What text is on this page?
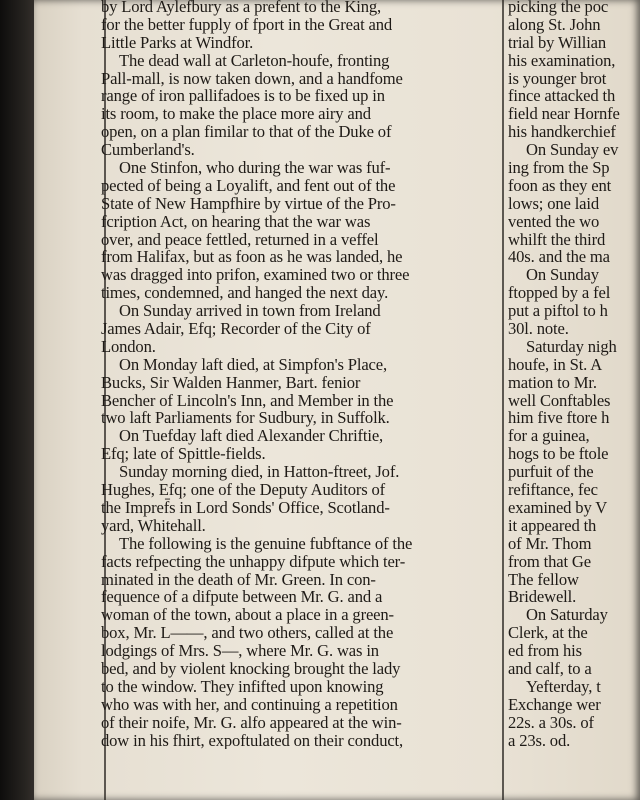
by Lord Aylefbury as a prefent to the King,
for the better fupply of fport in the Great and
Little Parks at Windfor.
The dead wall at Carleton-houfe, fronting
Pall-mall, is now taken down, and a handfome
range of iron pallifadoes is to be fixed up in
its room, to make the place more airy and
open, on a plan fimilar to that of the Duke of
Cumberland's.
One Stinfon, who during the war was fuf-
pected of being a Loyalift, and fent out of the
State of New Hampfhire by virtue of the Pro-
fcription Act, on hearing that the war was
over, and peace fettled, returned in a veffel
from Halifax, but as foon as he was landed, he
was dragged into prifon, examined two or three
times, condemned, and hanged the next day.
On Sunday arrived in town from Ireland
James Adair, Efq; Recorder of the City of
London.
On Monday laft died, at Simpfon's Place,
Bucks, Sir Walden Hanmer, Bart. fenior
Bencher of Lincoln's Inn, and Member in the
two laft Parliaments for Sudbury, in Suffolk.
On Tuefday laft died Alexander Chriftie,
Efq; late of Spittle-fields.
Sunday morning died, in Hatton-ftreet, Jof.
Hughes, Efq; one of the Deputy Auditors of
the Impref̄s in Lord Sonds' Office, Scotland-
yard, Whitehall.
The following is the genuine fubftance of the
facts refpecting the unhappy difpute which ter-
minated in the death of Mr. Green. In con-
fequence of a difpute between Mr. G. and a
woman of the town, about a place in a green-
box, Mr. L——, and two others, called at the
lodgings of Mrs. S—, where Mr. G. was in
bed, and by violent knocking brought the lady
to the window. They infifted upon knowing
who was with her, and continuing a repetition
of their noife, Mr. G. alfo appeared at the win-
dow in his fhirt, expoftulated on their conduct,
picking the poc
along St. John
trial by Willian
his examination,
is younger brot
fince attacked th
field near Hornfe
his handkerchief
On Sunday ev
ing from the Sp
foon as they ent
lows; one laid
vented the wo
whilft the third
40s. and the ma
On Sunday
ftopped by a fel
put a piftol to h
30l. note.
Saturday nigh
houfe, in St. A
mation to Mr.
well Conftables
him five ftore h
for a guinea,
hogs to be ftole
purfuit of the
refiftance, fec
examined by V
it appeared th
of Mr. Thom
from that Ge
The fellow
Bridewell.
On Saturday
Clerk, at the
ed from his
and calf, to a
Yefterday, t
Exchange wer
22s. a 30s. of
a 23s. od.
